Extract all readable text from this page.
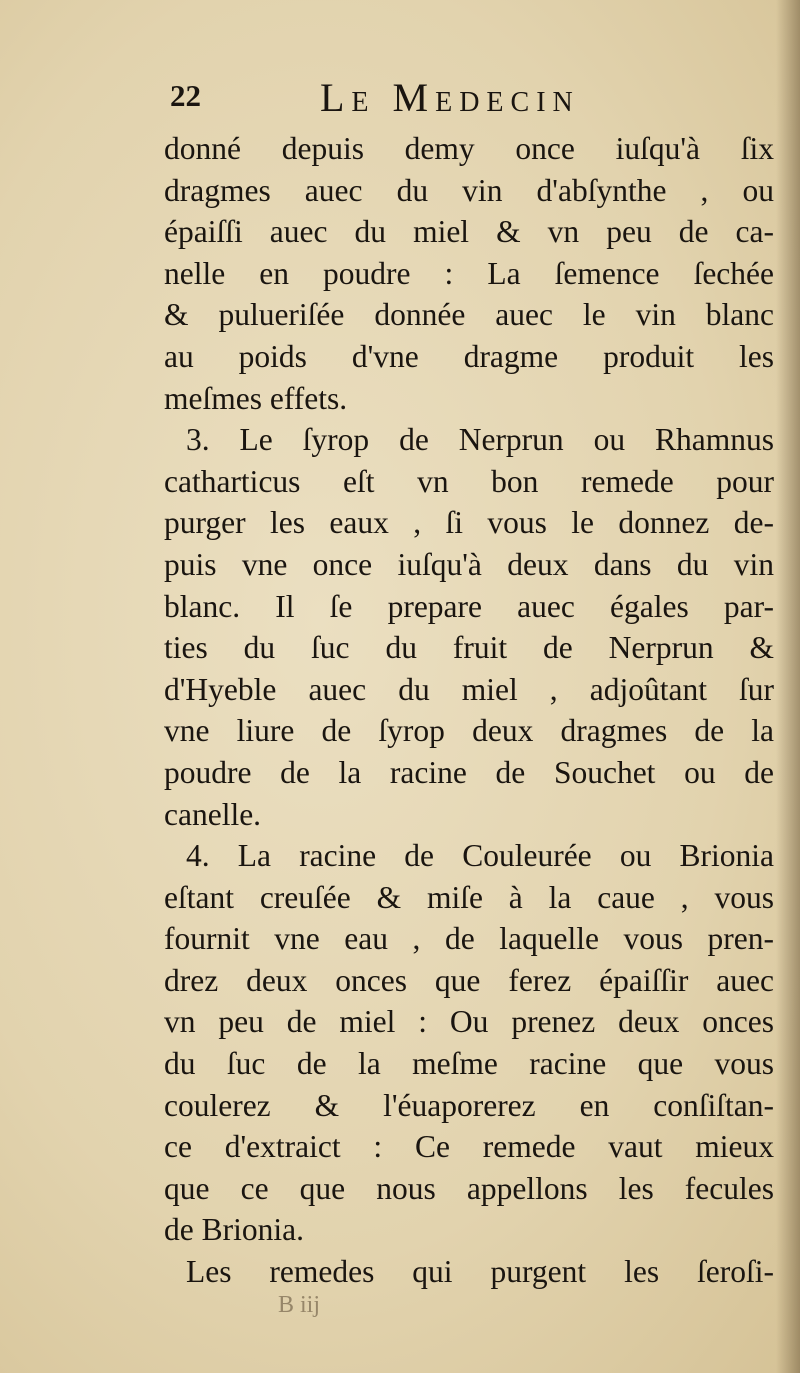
22	Le Medecin
donné depuis demy once iuſqu'à ſix
dragmes auec du vin d'abſynthe , ou
épaiſſi auec du miel & vn peu de ca-
nelle en poudre : La ſemence ſechée
& pulueriſée donnée auec le vin blanc
au poids d'vne dragme produit les
meſmes effets.
3. Le ſyrop de Nerprun ou Rhamnus
catharticus eſt vn bon remede pour
purger les eaux , ſi vous le donnez de-
puis vne once iuſqu'à deux dans du vin
blanc. Il ſe prepare auec égales par-
ties du ſuc du fruit de Nerprun &
d'Hyeble auec du miel , adjoûtant ſur
vne liure de ſyrop deux dragmes de la
poudre de la racine de Souchet ou de
canelle.
4. La racine de Couleurée ou Brionia
eſtant creuſée & miſe à la caue , vous
fournit vne eau , de laquelle vous pren-
drez deux onces que ferez épaiſſir auec
vn peu de miel : Ou prenez deux onces
du ſuc de la meſme racine que vous
coulerez & l'éuaporerez en conſiſtan-
ce d'extraict : Ce remede vaut mieux
que ce que nous appellons les fecules
de Brionia.
Les remedes qui purgent les ſeroſi-
B iij
